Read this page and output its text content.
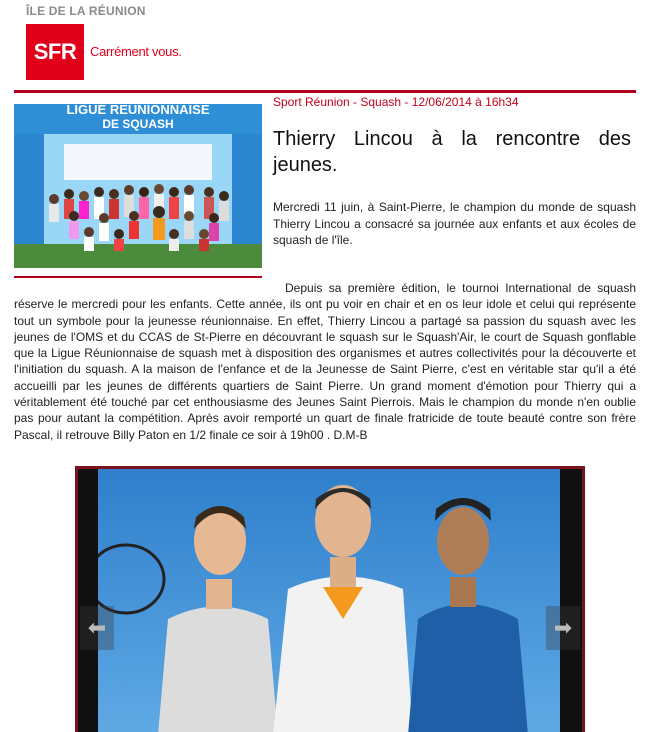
ÎLE DE LA RÉUNION
SFR Carrément vous.
LIGUE REUNIONNAISE
DE SQUASH
Sport Réunion - Squash - 12/06/2014 à 16h34
Thierry Lincou à la rencontre des
jeunes.

Mercredi 11 juin, à Saint-Pierre, le champion du monde de squash Thierry Lincou a consacré sa journée aux enfants et aux écoles de squash de l'île.

Depuis sa première édition, le tournoi International de squash réserve le mercredi pour les enfants. Cette année, ils ont pu voir en chair et en os leur idole et celui qui représente tout un symbole pour la jeunesse réunionnaise. En effet, Thierry Lincou a partagé sa passion du squash avec les jeunes de l'OMS et du CCAS de St-Pierre en découvrant le squash sur le Squash'Air, le court de Squash gonflable que la Ligue Réunionnaise de squash met à disposition des organismes et autres collectivités pour la découverte et l'initiation du squash. A la maison de l'enfance et de la Jeunesse de Saint Pierre, c'est en véritable star qu'il a été accueilli par les jeunes de différents quartiers de Saint Pierre. Un grand moment d'émotion pour Thierry qui a véritablement été touché par cet enthousiasme des Jeunes Saint Pierrois. Mais le champion du monde n'en oublie pas pour autant la compétition. Après avoir remporté un quart de finale fratricide de toute beauté contre son frère Pascal, il retrouve Billy Paton en 1/2 finale ce soir à 19h00 . D.M-B

⬅	➡
